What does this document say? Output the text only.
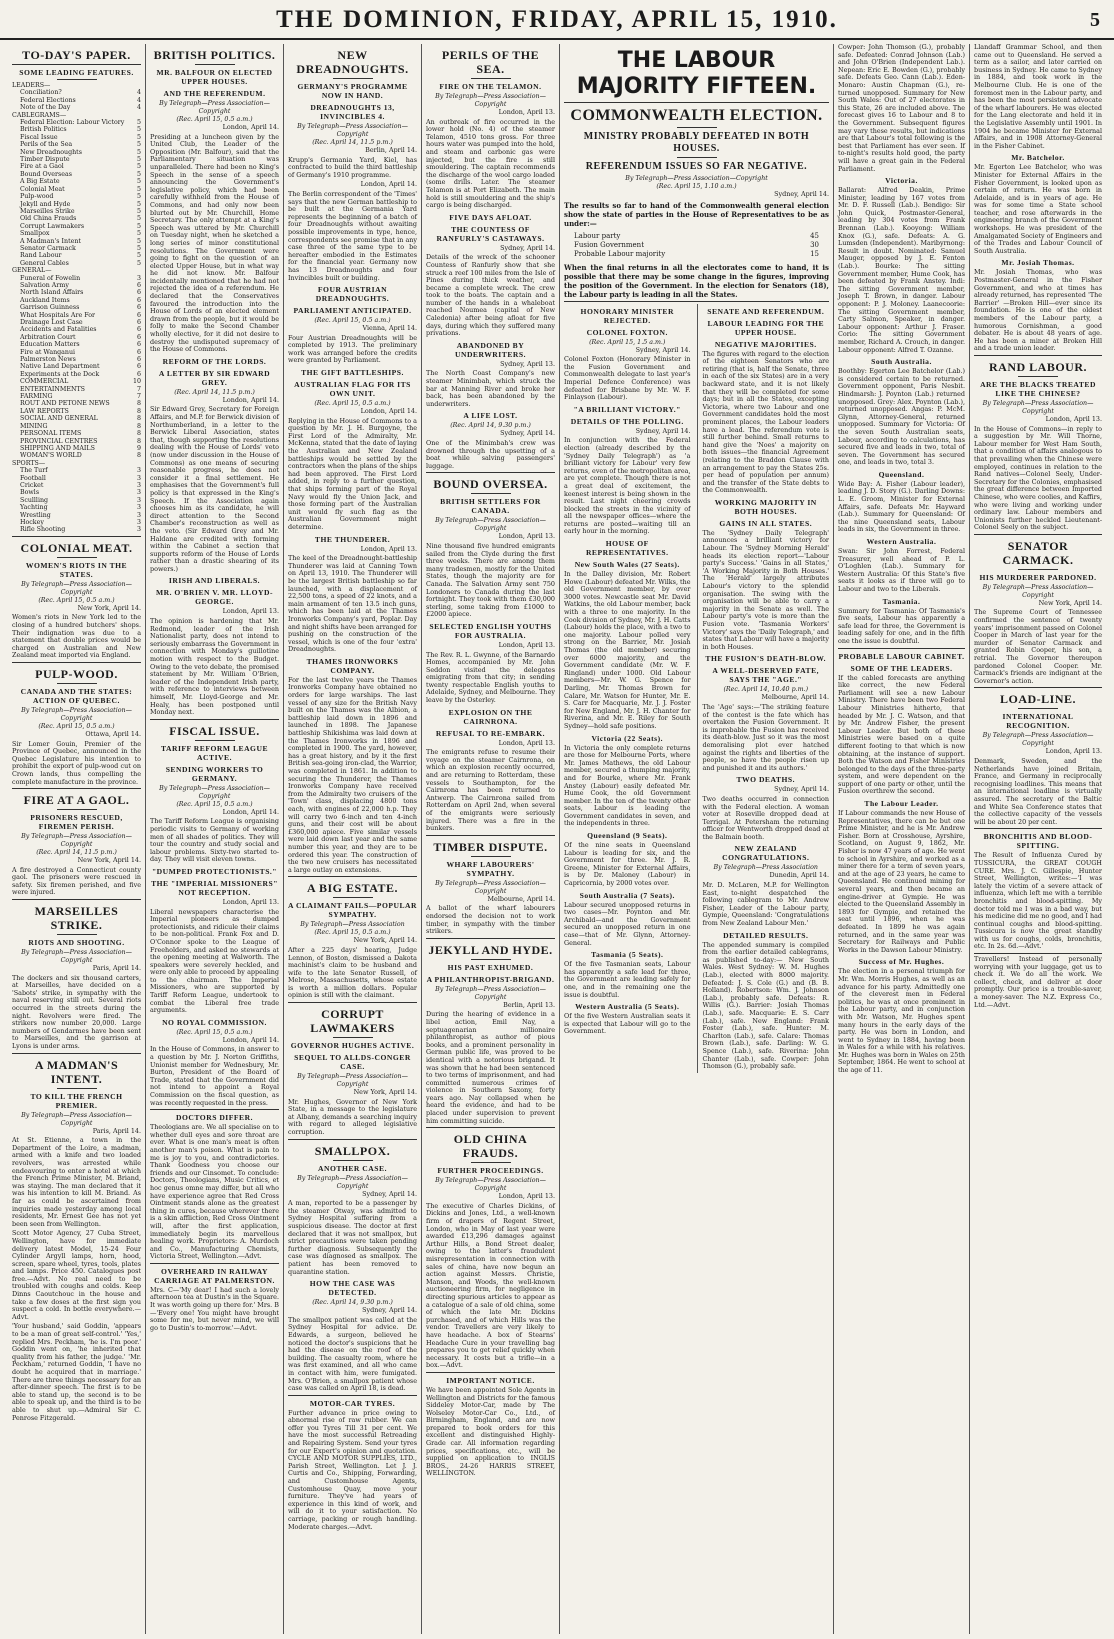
THE DOMINION, FRIDAY, APRIL 15, 1910.	5
TO-DAY'S PAPER.
SOME LEADING FEATURES.
LEADERS—
Conciliation?	4
Federal Elections	4
Note of the Day	4
CABLEGRAMS—
Federal Election: Labour Victory 5
British Politics	5
Fiscal Issue	5
Perils of the Sea	5
New Dreadnoughts	5
Timber Dispute	5
Fire at a Gaol	5
Bound Overseas	5
A Big Estate	5
Colonial Meat	5
Pulp-wood	5
Jekyll and Hyde	5
Marseilles Strike	5
Old China Frauds	5
Corrupt Lawmakers	5
Smallpox	5
A Madman's Intent	5
Senator Carmack	5
Rand Labour	5
General Cables	5
GENERAL—
Funeral of Fowelin	3
Salvation Army	6
North Island Affairs	6
Auckland Items	6
Garrison Guinness	6
What Hospitals Are For	6
Drainage Lost Case	6
Accidents and Fatalities	6
Arbitration Court	6
Education Matters	6
Fire at Wanganui	6
Palmerston News	6
Native Land Department	6
Experiments at the Dock	6
COMMERCIAL	10
ENTERTAINMENTS	7
FARMING	7
ROUT AND PETONE NEWS	8
LAW REPORTS	8
SOCIAL AND GENERAL	8
MINING	8
PERSONAL ITEMS	8
PROVINCIAL CENTRES	8
SHIPPING AND MAILS	9
WOMAN'S WORLD	8
SPORTS—
The Turf	3
Football	3
Cricket	3
Bowls	3
Scullling	3
Yachting	3
Wrestling	3
Hockey	3
Rifle Shooting	3
COLONIAL MEAT.
WOMEN'S RIOTS IN THE STATES.
By Telegraph—Press Association—Copyright
(Rec. April 15, 0.5 a.m.)
New York, April 14.
Women's riots in New York led to the closing of a hundred butchers' shops. Their indignation was due to a statement that double prices would be charged on Australian and New Zealand meat imported via England.
PULP-WOOD.
CANADA AND THE STATES: ACTION OF QUEBEC.
By Telegraph—Press Association—Copyright
(Rec. April 15, 0.5 a.m.)
Ottawa, April 14.
Sir Lomer Gouin, Premier of the Province of Quebec, announced in the Quebec Legislature his intention to prohibit the export of pulp-wood cut on Crown lands, thus compelling the complete manufacture in the province.
FIRE AT A GAOL.
PRISONERS RESCUED, FIREMEN PERISH.
By Telegraph—Press Association—Copyright
(Rec. April 14, 11.5 p.m.)
New York, April 14.
A fire destroyed a Connecticut county gaol. The prisoners were rescued in safety. Six firemen perished, and five were injured.
MARSEILLES STRIKE.
RIOTS AND SHOOTING.
By Telegraph—Press Association—Copyright
Paris, April 14.
The dockers and six thousand carters, at Marseilles, have decided on a 'Sabots' strike, in sympathy with the naval reserving still out. Several riots occurred in the streets during the night. Revolvers were fired. The strikers now number 20,000. Large numbers of Gendarmes have been sent to Marseilles, and the garrison at Lyons is under arms.
A MADMAN'S INTENT.
TO KILL THE FRENCH PREMIER.
By Telegraph—Press Association—Copyright
Paris, April 14.
At St. Etienne, a town in the Department of the Loire, a madman, armed with a knife and two loaded revolvers, was arrested while endeavouring to enter a hotel at which the French Prime Minister, M. Briand, was staying. The man declared that it was his intention to kill M. Briand. As far as could be ascertained from inquiries made yesterday among local residents, Mr. Ernest Gee has not yet been seen from Wellington.
Scott Motor Agency, 27 Cuba Street, Wellington, have for immediate delivery latest Model, 15-24 Four Cylinder Argyll lamps, horn, hood, screen, spare wheel, tyres, tools, plates and lamps. Price 450. Catalogues post free.—Advt. No real need to be troubled with coughs and colds. Keep Dinns Caoutchouc in the house and take a few doses at the first sign you suspect a cold. In bottle everywhere.—Advt.
'Your husband,' said Goddin, 'appears to be a man of great self-control.' 'Yes,' replied Mrs. Peckham, 'he is. I'm poor.' Goddin went on, 'he inherited that quality from his father, the judge.' 'Mr. Peckham,' returned Goddin, 'I have no doubt he acquired that in marriage.' There are three things necessary for an after-dinner speech. The first is to be able to stand up, the second is to be able to speak up, and the third is to be able to shut up.—Admiral Sir C. Penrose Fitzgerald.
BRITISH POLITICS.
MR. BALFOUR ON ELECTED UPPER HOUSES.
AND THE REFERENDUM.
By Telegraph—Press Association—Copyright
(Rec. April 15, 0.5 a.m.)
London, April 14.
Presiding at a luncheon given by the United Club, the Leader of the Opposition (Mr. Balfour), said that the Parliamentary situation was unparalleled. There had been no King's Speech in the sense of a speech announcing the Government's legislative policy, which had been carefully withheld from the House of Commons, and had only now been blurted out by Mr. Churchill, Home Secretary. The only attempt at a King's Speech was uttered by Mr. Churchill on Tuesday night, when he sketched a long series of minor constitutional resolutions. The Government were going to fight on the question of an elected Upper House, but in what way he did not know. Mr. Balfour incidentally mentioned that he had not rejected the idea of a referendum. He declared that the Conservatives favoured the introduction into the House of Lords of an elected element drawn from the people, but it would be folly to make the Second Chamber wholly elective, for it did not desire to destroy the undisputed supremacy of the House of Commons.
REFORM OF THE LORDS.
A LETTER BY SIR EDWARD GREY.
(Rec. April 14, 11.5 p.m.)
London, April 14.
Sir Edward Grey, Secretary for Foreign Affairs, and M.P. for Berwick division of Northumberland, in a letter to the Berwick Liberal Association, states that, though supporting the resolutions dealing with the House of Lords' veto (now under discussion in the House of Commons) as one means of securing reasonable progress, he does not consider it a final settlement. He emphasises that the Government's full policy is that expressed in the King's Speech. If the Association again chooses him as its candidate, he will direct attention to the Second Chamber's reconstruction as well as the veto. (Sir Edward Grey and Mr. Haldane are credited with forming within the Cabinet a section that supports reform of the House of Lords rather than a drastic shearing of its powers.)
IRISH AND LIBERALS.
MR. O'BRIEN V. MR. LLOYD-GEORGE.
London, April 13.
The opinion is hardening that Mr. Redmond, leader of the Irish Nationalist party, does not intend to seriously embarrass the Government in connection with Monday's guillotine motion with respect to the Budget. Owing to the veto debate, the promised statement by Mr. William O'Brien, leader of the Independent Irish party, with reference to interviews between himself, Mr. Lloyd-George and Mr. Healy, has been postponed until Monday next.
FISCAL ISSUE.
TARIFF REFORM LEAGUE ACTIVE.
SENDING WORKERS TO GERMANY.
By Telegraph—Press Association—Copyright
(Rec. April 15, 0.5 a.m.)
London, April 14.
The Tariff Reform League is organising periodic visits to Germany of working men of all shades of politics. They will tour the country and study social and labour problems. Sixty-two started to-day. They will visit eleven towns.
"DUMPED PROTECTIONISTS."
THE "IMPERIAL MISSIONERS" NOT RECEPTION.
London, April 13.
Liberal newspapers characterise the Imperial pioneers as dumped protectionists, and ridicule their claims to be non-political. Frank Fox and D. O'Connor spoke to the League of Freeholders, and asked no stewards at the opening meeting at Walworth. The speakers were severely heckled, and were only able to proceed by appealing to the chairman. The Imperial Missioners, who are supported by Tariff Reform League, undertook to combat the Liberal free trade arguments.
NO ROYAL COMMISSION.
(Rec. April 15, 0.5 a.m.)
London, April 14.
In the House of Commons, in answer to a question by Mr. J. Norton Griffiths, Unionist member for Wednesbury, Mr. Burton, President of the Board of Trade, stated that the Government did not intend to appoint a Royal Commission on the fiscal question, as was recently requested in the press.
DOCTORS DIFFER.
Theologians are. We all specialise on to whether dull eyes and sore throat are ever. What is one man's meat is often another man's poison. What is pain to me is joy to you, and contradictories. Thank Goodness you choose our friends and our Cinsomet. To conclude: Doctors, Theologians, Music Critics, et hoc genus omne may differ, but all who have experience agree that Red Cross Ointment stands alone as the greatest thing in cures, because wherever there is a skin affliction, Red Cross Ointment will, after the first application, immediately begin its marvellous healing work. Proprietors: A. Murdoch and Co., Manufacturing Chemists, Victoria Street, Wellington.—Advt.
OVERHEARD IN RAILWAY CARRIAGE AT PALMERSTON.
Mrs. C—'My dear! I had such a lovely afternoon tea at Dustin's in the Square. It was worth going up there for.' Mrs. B—'Every one! You might have brought some for me, but never mind, we will go to Dustin's to-morrow.'—Advt.
NEW DREADNOUGHTS.
GERMANY'S PROGRAMME NOW IN HAND.
DREADNOUGHTS 13, INVINCIBLES 4.
By Telegraph—Press Association—Copyright
(Rec. April 14, 11.5 p.m.)
Berlin, April 14.
Krupp's Germania Yard, Kiel, has contracted to build the third battleship of Germany's 1910 programme.
London, April 14.
The Berlin correspondent of the 'Times' says that the new German battleship to be built at the Germania Yard represents the beginning of a batch of four Dreadnoughts without awaiting possible improvements in type, hence, correspondents see promise that in any case three of the same type to be hereafter embodied in the Estimates for the financial year. Germany now has 13 Dreadnoughts and four Invincibles built or building.
FOUR AUSTRIAN DREADNOUGHTS.
PARLIAMENT ANTICIPATED.
(Rec. April 15, 0.5 a.m.)
Vienna, April 14.
Four Austrian Dreadnoughts will be completed by 1913. The preliminary work was arranged before the credits were granted by Parliament.
THE GIFT BATTLESHIPS.
AUSTRALIAN FLAG FOR ITS OWN UNIT.
(Rec. April 15, 0.5 a.m.)
London, April 14.
Replying in the House of Commons to a question by Mr. J. H. Burgoyne, the First Lord of the Admiralty, Mr. McKenna, stated that the date of laying the Australian and New Zealand battleships would be settled by the contractors when the plans of the ships had been approved. The First Lord added, in reply to a further question, that ships forming part of the Royal Navy would fly the Union Jack, and those forming part of the Australian unit would fly such flag as the Australian Government might determine.
THE THUNDERER.
London, April 13.
The keel of the Dreadnought-battleship Thunderer was laid at Canning Town on April 13, 1910. The Thunderer will be the largest British battleship so far launched, with a displacement of 22,500 tons, a speed of 22 knots, and a main armament of ten 13.5 inch guns, which has been laid at the Thames Ironworks Company's yard, Poplar. Day and night shifts have been arranged for pushing on the construction of the vessel, which is one of the four 'extra' Dreadnoughts.
THAMES IRONWORKS COMPANY.
For the last twelve years the Thames Ironworks Company have obtained no orders for large warships. The last vessel of any size for the British Navy built on the Thames was the Albion, a battleship laid down in 1896 and launched in 1898. The Japanese battleship Shikishima was laid down at the Thames Ironworks in 1896 and completed in 1900. The yard, however, has a great history, and by it the first British sea-going iron-clad, the Warrior, was completed in 1861. In addition to securing the Thunderer, the Thames Ironworks Company have received from the Admiralty two cruisers of the 'Town' class, displacing 4800 tons each, with engines of 22,000 h.p. They will carry two 6-inch and ten 4-inch guns, and their cost will be about £360,000 apiece. Five similar vessels were laid down last year and the same number this year, and they are to be ordered this year. The construction of the two new cruisers has necessitated a large outlay on extensions.
A BIG ESTATE.
A CLAIMANT FAILS—POPULAR SYMPATHY.
By Telegraph—Press Association
(Rec. April 15, 0.5 a.m.)
New York, April 14.
After a 225 days' hearing, Judge Lennon, of Boston, dismissed a Dakota machinist's claim to be husband and wife to the late Senator Russell, of Melrose, Massachusetts, whose estate is worth a million dollars. Popular opinion is still with the claimant.
CORRUPT LAWMAKERS
GOVERNOR HUGHES ACTIVE.
SEQUEL TO ALLDS-CONGER CASE.
By Telegraph—Press Association—Copyright
New York, April 14.
Mr. Hughes, Governor of New York State, in a message to the legislature at Albany, demands a searching inquiry with regard to alleged legislative corruption.
SMALLPOX.
ANOTHER CASE.
By Telegraph—Press Association—Copyright
Sydney, April 14.
A man, reported to be a passenger by the steamer Otway, was admitted to Sydney Hospital suffering from a suspicious disease. The doctor at first declared that it was not smallpox, but strict precautions were taken pending further diagnosis. Subsequently the case was diagnosed as smallpox. The patient has been removed to quarantine station.
HOW THE CASE WAS DETECTED.
(Rec. April 14, 9.30 p.m.)
Sydney, April 14.
The smallpox patient was called at the Sydney Hospital for advice. Dr. Edwards, a surgeon, believed he noticed the doctor's suspicions that he had the disease on the roof of the building. The casualty room, where he was first examined, and all who came in contact with him, were fumigated. Mrs. O'Brien, a smallpox patient whose case was called on April 18, is dead.
MOTOR-CAR TYRES.
Further advance in price owing to abnormal rise of raw rubber. We can offer you Tyres Till 31 per cent. We have the most successful Retreading and Repairing System. Send your tyres for our Expert's opinion and quotation. CYCLE AND MOTOR SUPPLIES, LTD., Parish Street, Wellington. Let J. J. Curtis and Co., Shipping, Forwarding, and Customhouse Agents, Customhouse Quay, move your furniture. They've had years of experience in this kind of work, and will do it to your satisfaction. No carriage, packing or rough handling. Moderate charges.—Advt.
PERILS OF THE SEA.
FIRE ON THE TELAMON.
By Telegraph—Press Association—Copyright
London, April 13.
An outbreak of fire occurred in the lower hold (No. 4) of the steamer Telamon, 4510 tons gross. For three hours water was pumped into the hold, and steam and carbonic gas were injected, but the fire is still smouldering. The captain recommends the discharge of the wool cargo loaded (some drills. Later. The steamer Telamon is at Port Elizabeth. The main hold is still smouldering and the ship's cargo is being discharged.
FIVE DAYS AFLOAT.
THE COUNTESS OF RANFURLY'S CASTAWAYS.
Sydney, April 14.
Details of the wreck of the schooner Countess of Ranfurly show that she struck a reef 100 miles from the Isle of Pines during thick weather, and became a complete wreck. The crew took to the boats. The captain and a number of the hands in a whaleboat reached Noumea (capital of New Caledonia) after being afloat for five days, during which they suffered many privations.
ABANDONED BY UNDERWRITERS.
Sydney, April 13.
The North Coast Company's new steamer Minimbah, which struck the bar at Manning River and broke her back, has been abandoned by the underwriters.
A LIFE LOST.
(Rec. April 14, 9.30 p.m.)
Sydney, April 14.
One of the Minimbah's crew was drowned through the upsetting of a boat while salving passengers' luggage.
BOUND OVERSEA.
BRITISH SETTLERS FOR CANADA.
By Telegraph—Press Association—Copyright
London, April 13.
Nine thousand five hundred emigrants sailed from the Clyde during the first three weeks. There are among them many tradesmen, mostly for the United States, though the majority are for Canada. The Salvation Army sent 750 Londoners to Canada during the last fortnight. They took with them £30,000 sterling, some taking from £1000 to £2000 apiece.
SELECTED ENGLISH YOUTHS FOR AUSTRALIA.
London, April 13.
The Rev. R. L. Gwynne, of the Barnardo Homes, accompanied by Mr. John Seddon visited the delegates emigrating from that city; in sending twenty respectable English youths to Adelaide, Sydney, and Melbourne. They leave by the Osterley.
EXPLOSION ON THE CAIRNRONA.
REFUSAL TO RE-EMBARK.
London, April 13.
The emigrants refuse to resume their voyage on the steamer Cairnrona, on which an explosion recently occurred, and are returning to Rotterdam, these vessels to Southampton, for the Cairnrona has been returned to Antwerp. The Cairnrona sailed from Rotterdam on April 2nd, when several of the emigrants were seriously injured. There was a fire in the bunkers.
TIMBER DISPUTE.
WHARF LABOURERS' SYMPATHY.
By Telegraph—Press Association—Copyright
Melbourne, April 14.
A ballot of the wharf labourers endorsed the decision not to work timber, in sympathy with the timber strikers.
JEKYLL AND HYDE.
HIS PAST EXHUMED.
A PHILANTHROPIST-BRIGAND.
By Telegraph—Press Association—Copyright
Berlin, April 13.
During the hearing of evidence in a libel action, Emil Nay, a septuagenarian millionaire philanthropist, as author of pious books, and a prominent personality in German public life, was proved to be identical with a notorious brigand. It was shown that he had been sentenced to two terms of imprisonment, and had committed numerous crimes of violence in Southern Saxony, forty years ago. Nay collapsed when he heard the evidence, and had to be placed under supervision to prevent him committing suicide.
OLD CHINA FRAUDS.
FURTHER PROCEEDINGS.
By Telegraph—Press Association—Copyright
London, April 13.
The executive of Charles Dickins, of Dickins and Jones, Ltd., a well-known firm of drapers of Regent Street, London, who in May of last year were awarded £13,296 damages against Arthur Hills, a Bond Street dealer, owing to the latter's fraudulent misrepresentation in connection with sales of china, have now begun an action against Messrs. Christie, Manson, and Woods, the well-known auctioneering firm, for negligence in directing spurious articles to appear as a catalogue of a sale of old china, some of which the late Mr. Dickins purchased, and of which Hills was the vendor. Travellers are very likely to have headache. A box of Stearns' Headache Cure in your travelling bag prepares you to get relief quickly when necessary. It costs but a trifle—in a box.—Advt.
IMPORTANT NOTICE.
We have been appointed Sole Agents in Wellington and Districts for the famous Siddeley Motor-Car, made by The Wolseley Motor-Car Co., Ltd., of Birmingham, England, and are now prepared to book orders for this excellent and distinguished Highly-Grade car. All information regarding prices, specifications, etc., will be supplied on application to INGLIS BROS., 24-26 HARRIS STREET, WELLINGTON.
THE LABOUR MAJORITY FIFTEEN.
COMMONWEALTH ELECTION.
MINISTRY PROBABLY DEFEATED IN BOTH HOUSES.
REFERENDUM ISSUES SO FAR NEGATIVE.
By Telegraph—Press Association—Copyright
(Rec. April 15, 1.10 a.m.)
Sydney, April 14.
The results so far to hand of the Commonwealth general election show the state of parties in the House of Representatives to be as under:—
Labour party	45
Fusion Government	30
Probable Labour majority	15
When the final returns in all the electorates come to hand, it is possible that there may be some change in the figures, improving the position of the Government. In the election for Senators (18), the Labour party is leading in all the States.
HONORARY MINISTER REJECTED.
COLONEL FOXTON.
(Rec. April 15, 1.5 a.m.)
Sydney, April 14.
Colonel Foxton (Honorary Minister in the Fusion Government and Commonwealth delegate to last year's Imperial Defence Conference) was defeated for Brisbane by Mr. W. F. Finlayson (Labour).
"A BRILLIANT VICTORY."
DETAILS OF THE POLLING.
Sydney, April 14.
In conjunction with the Federal election (already described by the 'Sydney Daily Telegraph') as 'a brilliant victory for Labour' very few returns, even of the metropolitan area, are yet complete. Though there is not a great deal of excitement, the keenest interest is being shown in the result. Last night cheering crowds blocked the streets in the vicinity of all the newspaper offices—where the returns are posted—waiting till an early hour in the morning.
HOUSE OF REPRESENTATIVES.
New South Wales (27 Seats).
In the Dalley division, Mr. Robert Howe (Labour) defeated Mr. Wilks, the old Government member, by over 3000 votes. Newcastle seat Mr. David Watkins, the old Labour member, back with a three to one majority. In the Cook division of Sydney, Mr. J. H. Catts (Labour) holds the place, with a two to one majority. Labour polled very strong on the Barrier, Mr. Josiah Thomas (the old member) securing over 6000 majority, and the Government candidate (Mr. W. F. Ringland) under 1000. Old Labour members—Mr. W. G. Spence for Darling, Mr. Thomas Brown for Calare, Mr. Watson for Hunter, Mr. E. S. Carr for Macquarie, Mr. J. J. Foster for New England, Mr. J. H. Chanter for Riverina, and Mr. E. Riley for South Sydney—hold safe positions.
Victoria (22 Seats).
In Victoria the only complete returns are those for Melbourne Ports, where Mr. James Mathews, the old Labour member, secured a thumping majority, and for Bourke, where Mr. Frank Anstey (Labour) easily defeated Mr. Hume Cook, the old Government member. In the ten of the twenty other seats, Labour is leading the Government candidates in seven, and the independents in three.
Queensland (9 Seats).
Of the nine seats in Queensland Labour is leading for six, and the Government for three. Mr. J. R. Greene, Minister for External Affairs, is by Dr. Maloney (Labour) in Capricornia, by 2000 votes over.
South Australia (7 Seats).
Labour secured unopposed returns in two cases—Mr. Poynton and Mr. Archibald—and the Government secured an unopposed return in one case—that of Mr. Glynn, Attorney-General.
Tasmania (5 Seats).
Of the five Tasmanian seats, Labour has apparently a safe lead for three, the Government are leading safely for one, and in the remaining one the issue is doubtful.
Western Australia (5 Seats).
Of the five Western Australian seats it is expected that Labour will go to the Government.
SENATE AND REFERENDUM.
LABOUR LEADING FOR THE UPPER HOUSE.
NEGATIVE MAJORITIES.
The figures with regard to the election of the eighteen Senators who are retiring (that is, half the Senate, three in each of the six States) are in a very backward state, and it is not likely that they will be completed for some days; but in all the States, excepting Victoria, where two Labour and one Government candidates hold the most prominent places, the Labour leaders have a lead. The referendum vote is still further behind. Small returns to hand give the 'Noes' a majority on both issues—the financial Agreement (relating to the Braddon Clause with an arrangement to pay the States 25s. per head of population per annum) and the transfer of the State debts to the Commonwealth.
WORKING MAJORITY IN BOTH HOUSES.
GAINS IN ALL STATES.
The 'Sydney Daily Telegraph' announces a brilliant victory for Labour. The 'Sydney Morning Herald' heads its election report—'Labour party's Success.' 'Gains in all States,' 'A Working Majority in Both Houses.' The 'Herald' largely attributes Labour's victory to the splendid organisation. The swing with the organisation will be able to carry a majority in the Senate as well. The Labour party's vote is more than the Fusion vote. 'Tasmania Workers' Victory' says the 'Daily Telegraph,' and states that Labour will have a majority in both Houses.
THE FUSION'S DEATH-BLOW.
A WELL-DESERVED FATE, SAYS THE "AGE."
(Rec. April 14, 10.40 p.m.)
Melbourne, April 14.
The 'Age' says:—'The striking feature of the contest is the fate which has overtaken the Fusion Government. It is improbable the Fusion has received its death-blow. Just so it was the most demoralising plot ever hatched against the rights and liberties of the people, so have the people risen up and punished it and its authors.'
TWO DEATHS.
Sydney, April 14.
Two deaths occurred in connection with the Federal election. A woman voter at Roseville dropped dead at Terrigal. At Petersham the returning officer for Wentworth dropped dead at the Balmain booth.
NEW ZEALAND CONGRATULATIONS.
By Telegraph—Press Association
Dunedin, April 14.
Mr. D. McLaren, M.P. for Wellington East, to-night despatched the following cablegram to Mr. Andrew Fisher, Leader of the Labour party, Gympie, Queensland: 'Congratulations from New Zealand Labour Men.'
DETAILED RESULTS.
The appended summary is compiled from the earlier detailed cablegrams, as published to-day:— New South Wales. West Sydney: W. M. Hughes (Lab.), elected with 8000 majority. Defeated: J. S. Cole (G.) and (B. B. Holland). Robertson: Wm. J. Johnson (Lab.), probably safe. Defeats: R. Willis (G.). Barrier: Josiah Thomas (Lab.), safe. Macquarie: E. S. Carr (Lab.), safe. New England: Frank Foster (Lab.), safe. Hunter: M. Charlton (Lab.), safe. Calare: Thomas Brown (Lab.), safe. Darling: W. G. Spence (Lab.), safe. Riverina: John Chanter (Lab.), safe. Cowper: John Thomson (G.), probably safe.
Cowper: John Thomson (G.), probably safe. Defeated: Conrad Johnson (Lab.) and John O'Brien (Independent Lab.). Nepean: Eric E. Bowden (G.), probably safe. Defeats Geo. Cann (Lab.). Eden-Monaro: Austin Chapman (G.), re-turned unopposed. Summary for New South Wales: Out of 27 electorates in this State, 26 are included above. The forecast gives 16 to Labour and 8 to the Government. Subsequent figures may vary these results, but indications are that Labour's total following is the best that Parliament has ever seen. If to-night's results hold good, the party will have a great gain in the Federal Parliament.
Victoria.
Ballarat: Alfred Deakin, Prime Minister, leading by 167 votes from Mr. D. F. Russell (Lab.). Bendigo: Sir John Quick, Postmaster-General, leading by 304 votes from Frank Brennan (Lab.). Kooyong: William Knox (G.), safe. Defeats: A. G. Lumsden (Independent). Maribyrnong: Result in doubt. Nominated: Samuel Mauger, opposed by J. E. Fenton (Lab.). Bourke: The sitting Government member, Hume Cook, has been defeated by Frank Anstey. Indi: The sitting Government member, Joseph T. Brown, in danger. Labour opponent: P. J. Moloney. Laanecoorie: The sitting Government member, Carty Salmon, Speaker, in danger. Labour opponent: Arthur J. Fraser. Corio: The sitting Government member, Richard A. Crouch, in danger. Labour opponent: Alfred T. Ozanne.
South Australia.
Boothby: Egerton Lee Batchelor (Lab.) is considered certain to be returned. Government opponent, Paris Nesbit. Hindmarsh: J. Poynton (Lab.) returned unopposed. Grey: Alex. Poynton (Lab.), returned unopposed. Angas: P. McM. Glynn, Attorney-General, returned unopposed. Summary for Victoria: Of the seven South Australian seats, Labour, according to calculations, has secured five and leads in two, total of seven. The Government has secured one, and leads in two, total 3.
Queensland.
Wide Bay: A. Fisher (Labour leader), leading J. D. Story (G.). Darling Downs: L. E. Groom, Minister for External Affairs, safe. Defeats Mr. Hayward (Lab.). Summary for Queensland: Of the nine Queensland seats, Labour leads in six, the Government in three.
Western Australia.
Swan: Sir John Forrest, Federal Treasurer, well ahead of P. L. O'Loghlen (Lab.). Summary for Western Australia: Of this State's five seats it looks as if three will go to Labour and two to the Liberals.
Tasmania.
Summary for Tasmania: Of Tasmania's five seats, Labour has apparently a safe lead for three, the Government is leading safely for one, and in the fifth one the issue is doubtful.
PROBABLE LABOUR CABINET.
SOME OF THE LEADERS.
If the cabled forecasts are anything like correct, the new Federal Parliament will see a new Labour Ministry. There have been two Federal Labour Ministries hitherto, that headed by Mr. J. C. Watson, and that by Mr. Andrew Fisher, the present Labour Leader. But both of these Ministries were based on a quite different footing to that which is now obtaining, at the instance of support. Both the Watson and Fisher Ministries belonged to the days of the three-party system, and were dependent on the support of one party or other, until the Fusion overthrew the second.
The Labour Leader.
If Labour commands the new House of Representatives, there can be but one Prime Minister, and he is Mr. Andrew Fisher. Born at Crosshouse, Ayrshire, Scotland, on August 9, 1862, Mr. Fisher is now 47 years of age. He went to school in Ayrshire, and worked as a miner there for a term of seven years, and at the age of 23 years, he came to Queensland. He continued mining for several years, and then became an engine-driver at Gympie. He was elected to the Queensland Assembly in 1893 for Gympie, and retained the seat until 1896, when he was defeated. In 1899 he was again returned, and in the same year was Secretary for Railways and Public Works in the Dawson Labour Ministry.
Success of Mr. Hughes.
The election in a personal triumph for Mr. Wm. Morris Hughes, as well as an advance for his party. Admittedly one of the cleverest men in Federal politics, he was at once prominent in the Labour party, and in conjunction with Mr. Watson, Mr. Hughes spent many hours in the early days of the party. He was born in London, and went to Sydney in 1884, having been in Wales for a while with his relatives. Mr. Hughes was born in Wales on 25th September, 1864. He went to school at the age of 11.
Llandaff Grammar School, and then came out to Queensland. He served a term as a sailor, and later carried on business in Sydney. He came to Sydney in 1884, and took work in the Melbourne Club. He is one of the foremost men in the Labour party, and has been the most persistent advocate of the wharf labourers. He was elected for the Lang electorate and held it in the Legislative Assembly until 1901. In 1904 he became Minister for External Affairs, and in 1908 Attorney-General in the Fisher Cabinet.
Mr. Batchelor.
Mr. Egerton Lee Batchelor, who was Minister for External Affairs in the Fisher Government, is looked upon as certain of return. He was born in Adelaide, and is in years of age. He was for some time a State school teacher, and rose afterwards in the engineering branch of the Government workshops. He was president of the Amalgamated Society of Engineers and of the Trades and Labour Council of South Australia.
Mr. Josiah Thomas.
Mr. Josiah Thomas, who was Postmaster-General in the Fisher Government, and who at times has already returned, has represented 'The Barrier' —Broken Hill—ever since its foundation. He is one of the oldest members of the Labour party, a humorous Cornishman, a good debater. He is about 48 years of age. He has been a miner at Broken Hill and a trade union leader.
RAND LABOUR.
ARE THE BLACKS TREATED LIKE THE CHINESE?
By Telegraph—Press Association—Copyright
London, April 13.
In the House of Commons—in reply to a suggestion by Mr. Will Thorne, Labour member for West Ham South, that a condition of affairs analogous to that prevailing when the Chinese were employed, continues in relation to the Rand natives—Colonel Seely, Under-Secretary for the Colonies, emphasised the great difference between Imported Chinese, who were coolies, and Kaffirs, who were living and working under ordinary law. Labour members and Unionists further heckled Lieutenant-Colonel Seely on the subject.
SENATOR CARMACK.
HIS MURDERER PARDONED.
By Telegraph—Press Association—Copyright
New York, April 14.
The Supreme Court of Tennessee confirmed the sentence of twenty years' imprisonment passed on Colonel Cooper in March of last year for the murder of Senator Carmack and granted Robin Cooper, his son, a retrial. The Governor thereupon pardoned Colonel Cooper. Mr. Carmack's friends are indignant at the Governor's action.
LOAD-LINE.
INTERNATIONAL RECOGNITION.
By Telegraph—Press Association—Copyright
London, April 13.
Denmark, Sweden, and the Netherlands have joined Britain, France, and Germany in reciprocally recognising loadlines. This means that an international loadline is virtually assured. The secretary of the Baltic and White Sea Conference states that the collective capacity of the vessels will be about 20 per cent.
BRONCHITIS AND BLOOD-SPITTING.
The Result of Influenza Cured by TUSSICURA, the GREAT COUGH CURE. Mrs. J. C. Gillespie, Hunter Street, Wellington, writes:—'I was lately the victim of a severe attack of influenza, which left me with a terrible bronchitis and blood-spitting. My doctor told me I was in a bad way, but his medicine did me no good, and I had continual coughs and blood-spitting. Tussicura is now the great standby with us for coughs, colds, bronchitis, etc. In 2s. 6d.—Advt.'
Travellers! Instead of personally worrying with your luggage, get us to check it. We do all the work. We collect, check, and deliver at door promptly. Our price is a trouble-saver, a money-saver. The N.Z. Express Co., Ltd.—Advt.
